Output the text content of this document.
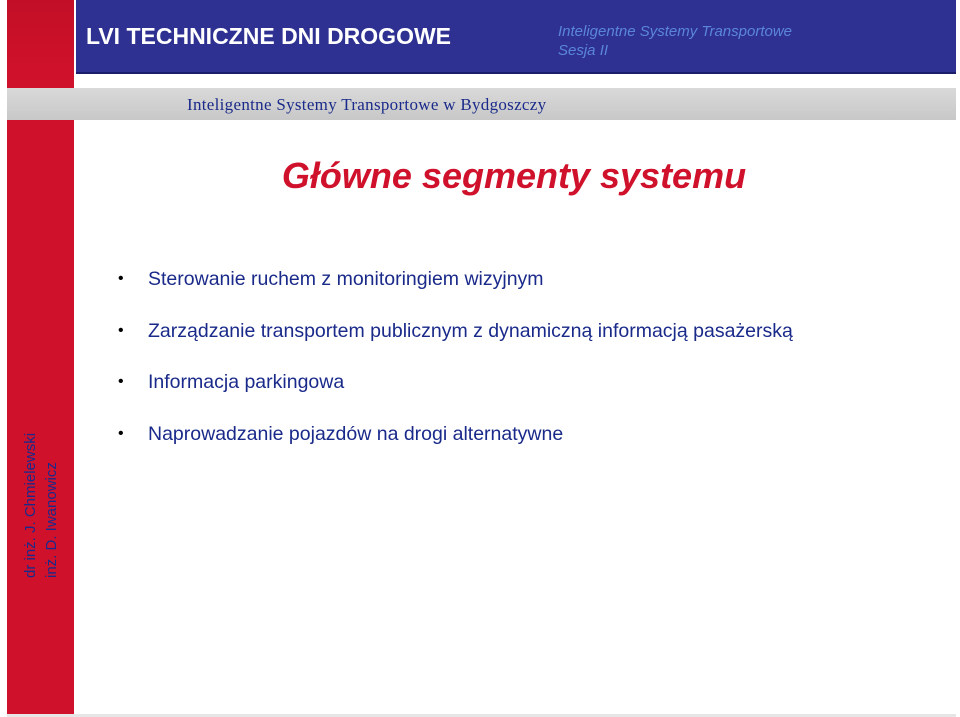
LVI TECHNICZNE DNI DROGOWE	Inteligentne Systemy Transportowe
Sesja II
Inteligentne Systemy Transportowe w Bydgoszczy
Główne segmenty systemu
• Sterowanie ruchem z monitoringiem wizyjnym
• Zarządzanie transportem publicznym z dynamiczną informacją pasażerską
• Informacja parkingowa
• Naprowadzanie pojazdów na drogi alternatywne
dr inż. J. Chmielewski inż. D. Iwanowicz
